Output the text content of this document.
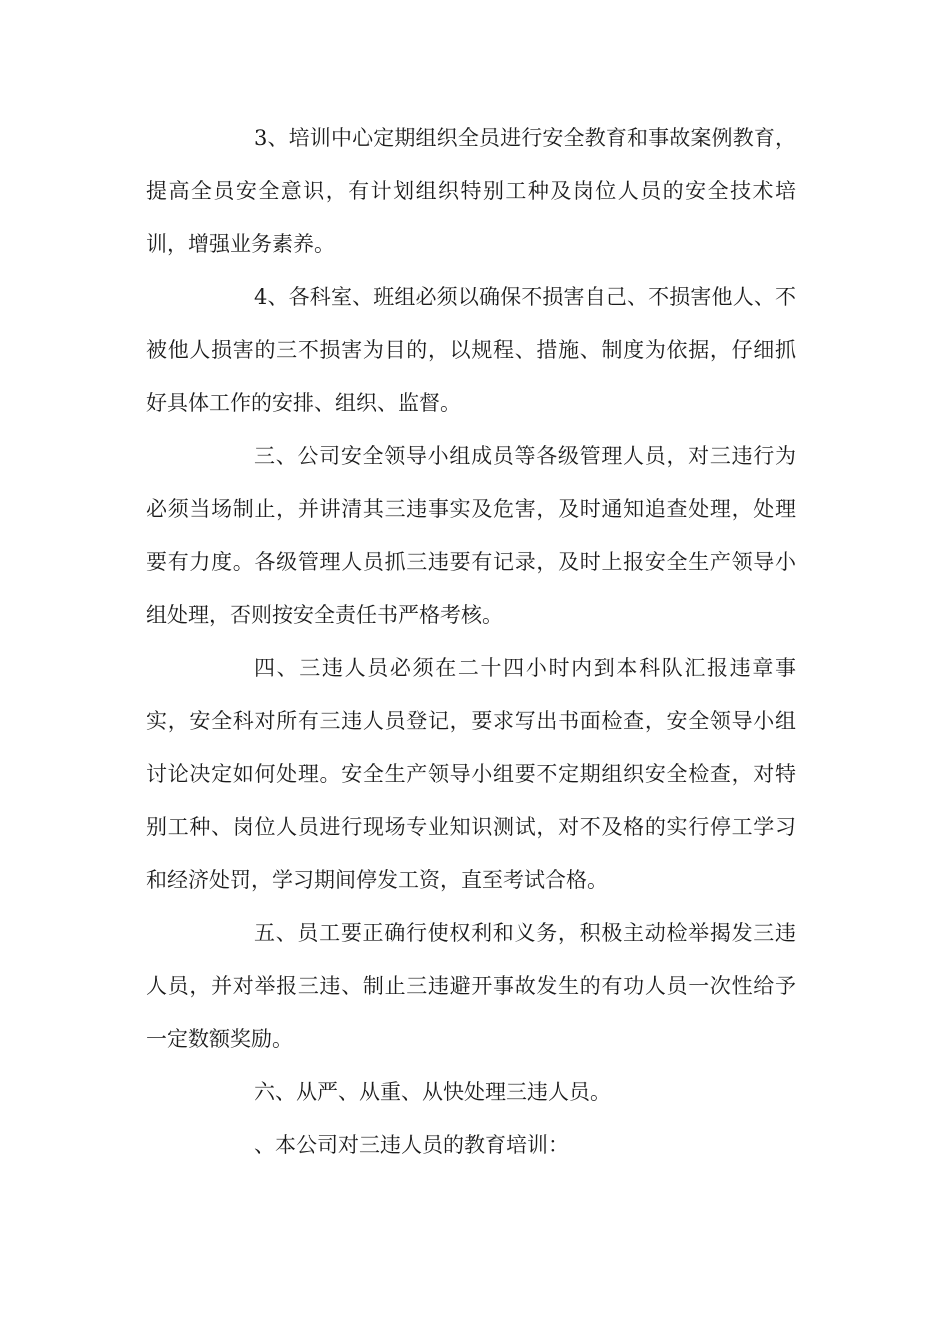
3、培训中心定期组织全员进行安全教育和事故案例教育，提高全员安全意识，有计划组织特别工种及岗位人员的安全技术培训，增强业务素养。

4、各科室、班组必须以确保不损害自己、不损害他人、不被他人损害的三不损害为目的，以规程、措施、制度为依据，仔细抓好具体工作的安排、组织、监督。

三、公司安全领导小组成员等各级管理人员，对三违行为必须当场制止，并讲清其三违事实及危害，及时通知追查处理，处理要有力度。各级管理人员抓三违要有记录，及时上报安全生产领导小组处理，否则按安全责任书严格考核。

四、三违人员必须在二十四小时内到本科队汇报违章事实，安全科对所有三违人员登记，要求写出书面检查，安全领导小组讨论决定如何处理。安全生产领导小组要不定期组织安全检查，对特别工种、岗位人员进行现场专业知识测试，对不及格的实行停工学习和经济处罚，学习期间停发工资，直至考试合格。

五、员工要正确行使权利和义务，积极主动检举揭发三违人员，并对举报三违、制止三违避开事故发生的有功人员一次性给予一定数额奖励。

六、从严、从重、从快处理三违人员。

、本公司对三违人员的教育培训：
